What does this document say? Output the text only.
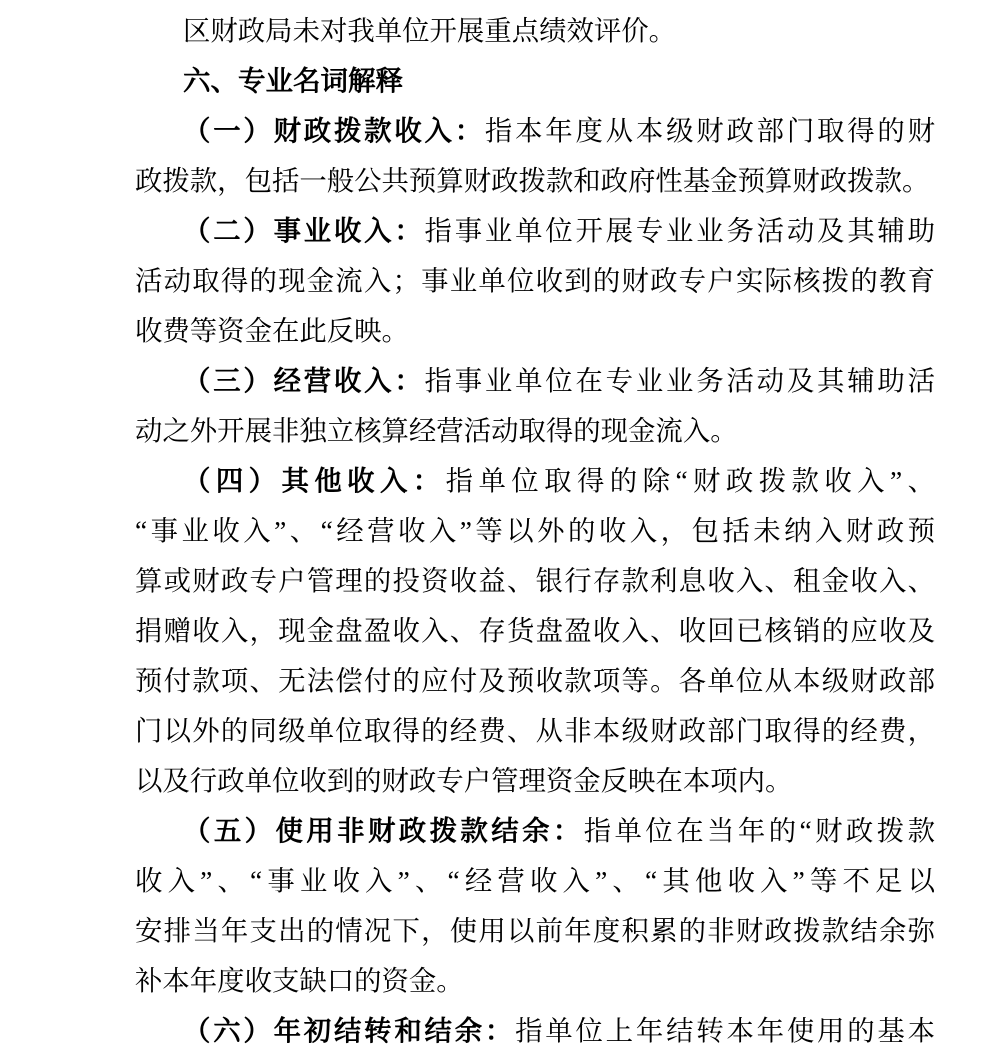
区财政局未对我单位开展重点绩效评价。
六、专业名词解释
（一）财政拨款收入：指本年度从本级财政部门取得的财
政拨款，包括一般公共预算财政拨款和政府性基金预算财政拨款。
（二）事业收入：指事业单位开展专业业务活动及其辅助
活动取得的现金流入；事业单位收到的财政专户实际核拨的教育
收费等资金在此反映。
（三）经营收入：指事业单位在专业业务活动及其辅助活
动之外开展非独立核算经营活动取得的现金流入。
（四）其他收入：指单位取得的除“财政拨款收入”、
“事业收入”、“经营收入”等以外的收入，包括未纳入财政预
算或财政专户管理的投资收益、银行存款利息收入、租金收入、
捐赠收入，现金盘盈收入、存货盘盈收入、收回已核销的应收及
预付款项、无法偿付的应付及预收款项等。各单位从本级财政部
门以外的同级单位取得的经费、从非本级财政部门取得的经费，
以及行政单位收到的财政专户管理资金反映在本项内。
（五）使用非财政拨款结余：指单位在当年的“财政拨款
收入”、“事业收入”、“经营收入”、“其他收入”等不足以
安排当年支出的情况下，使用以前年度积累的非财政拨款结余弥
补本年度收支缺口的资金。
（六）年初结转和结余：指单位上年结转本年使用的基本
